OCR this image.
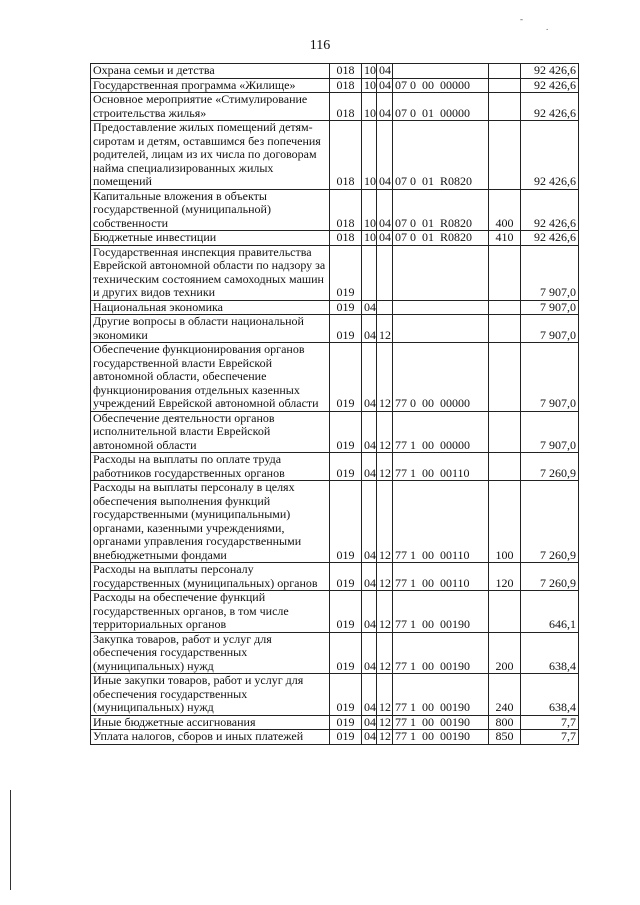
-
.
116
Охрана семьи и детства	018	10	04			92 426,6
Государственная программа «Жилище»	018	10	04	07 0  00  00000		92 426,6
Основное мероприятие «Стимулирование строительства жилья»	018	10	04	07 0  01  00000		92 426,6
Предоставление жилых помещений детям-сиротам и детям, оставшимся без попечения родителей, лицам из их числа по договорам найма специализированных жилых помещений	018	10	04	07 0  01  R0820		92 426,6
Капитальные вложения в объекты государственной (муниципальной) собственности	018	10	04	07 0  01  R0820	400	92 426,6
Бюджетные инвестиции	018	10	04	07 0  01  R0820	410	92 426,6
Государственная инспекция правительства Еврейской автономной области по надзору за техническим состоянием самоходных машин и других видов техники	019					7 907,0
Национальная экономика	019	04				7 907,0
Другие вопросы в области национальной экономики	019	04	12			7 907,0
Обеспечение функционирования органов государственной власти Еврейской автономной области, обеспечение функционирования отдельных казенных учреждений Еврейской автономной области	019	04	12	77 0  00  00000		7 907,0
Обеспечение деятельности органов исполнительной власти Еврейской автономной области	019	04	12	77 1  00  00000		7 907,0
Расходы на выплаты по оплате труда работников государственных органов	019	04	12	77 1  00  00110		7 260,9
Расходы на выплаты персоналу в целях обеспечения выполнения функций государственными (муниципальными) органами, казенными учреждениями, органами управления государственными внебюджетными фондами	019	04	12	77 1  00  00110	100	7 260,9
Расходы на выплаты персоналу государственных (муниципальных) органов	019	04	12	77 1  00  00110	120	7 260,9
Расходы на обеспечение функций государственных органов, в том числе территориальных органов	019	04	12	77 1  00  00190		646,1
Закупка товаров, работ и услуг для обеспечения государственных (муниципальных) нужд	019	04	12	77 1  00  00190	200	638,4
Иные закупки товаров, работ и услуг для обеспечения государственных (муниципальных) нужд	019	04	12	77 1  00  00190	240	638,4
Иные бюджетные ассигнования	019	04	12	77 1  00  00190	800	7,7
Уплата налогов, сборов и иных платежей	019	04	12	77 1  00  00190	850	7,7
